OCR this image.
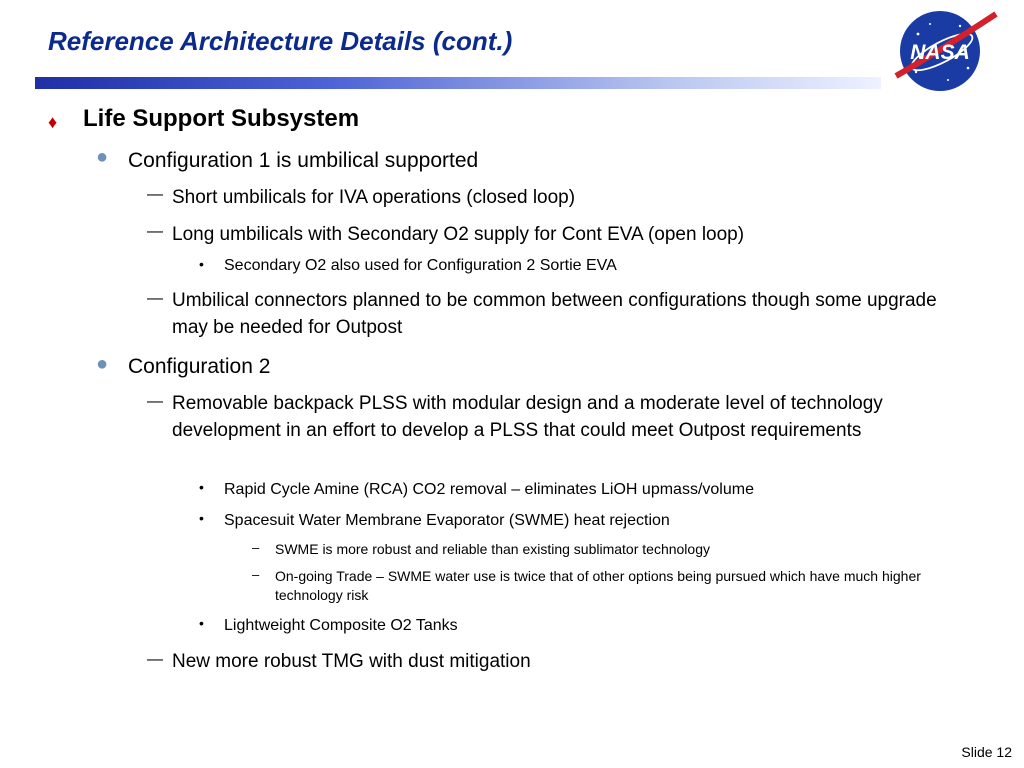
Reference Architecture Details (cont.)	NASA
♦ Life Support Subsystem
● Configuration 1 is umbilical supported
— Short umbilicals for IVA operations (closed loop)
— Long umbilicals with Secondary O2 supply for Cont EVA (open loop)
• Secondary O2 also used for Configuration 2 Sortie EVA
— Umbilical connectors planned to be common between configurations though some upgrade may be needed for Outpost
● Configuration 2
— Removable backpack PLSS with modular design and a moderate level of technology development in an effort to develop a PLSS that could meet Outpost requirements
• Rapid Cycle Amine (RCA) CO2 removal – eliminates LiOH upmass/volume
• Spacesuit Water Membrane Evaporator (SWME) heat rejection
– SWME is more robust and reliable than existing sublimator technology
– On-going Trade – SWME water use is twice that of other options being pursued which have much higher technology risk
• Lightweight Composite O2 Tanks
— New more robust TMG with dust mitigation
Slide 12
